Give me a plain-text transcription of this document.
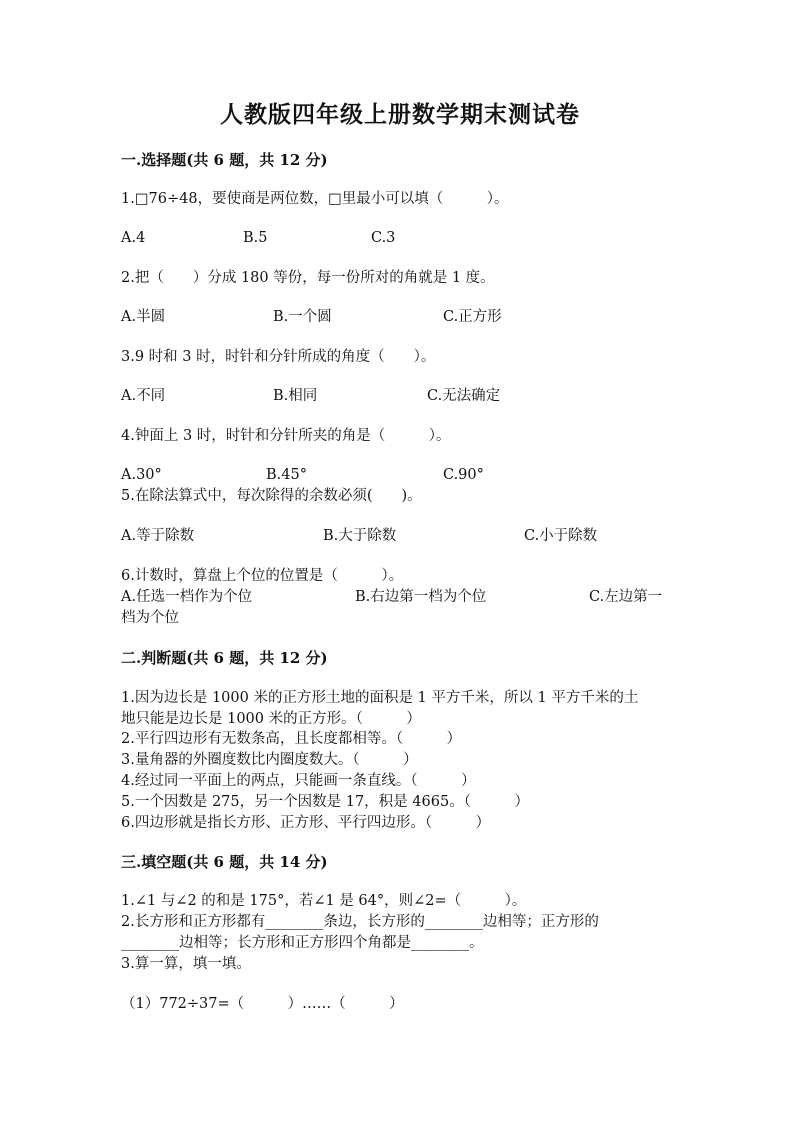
人教版四年级上册数学期末测试卷
一.选择题(共 6 题，共 12 分)
1.□76÷48，要使商是两位数，□里最小可以填（　　　）。
A.4	B.5	C.3
2.把（　　）分成 180 等份，每一份所对的角就是 1 度。
A.半圆	B.一个圆	C.正方形
3.9 时和 3 时，时针和分针所成的角度（　　）。
A.不同	B.相同	C.无法确定
4.钟面上 3 时，时针和分针所夹的角是（　　　）。
A.30°	B.45°	C.90°
5.在除法算式中，每次除得的余数必须(　　)。
A.等于除数	B.大于除数	C.小于除数
6.计数时，算盘上个位的位置是（　　　）。
A.任选一档作为个位	B.右边第一档为个位	C.左边第一
档为个位
二.判断题(共 6 题，共 12 分)
1.因为边长是 1000 米的正方形土地的面积是 1 平方千米，所以 1 平方千米的土
地只能是边长是 1000 米的正方形。（　　　）
2.平行四边形有无数条高，且长度都相等。（　　　）
3.量角器的外圈度数比内圈度数大。（　　　）
4.经过同一平面上的两点，只能画一条直线。（　　　）
5.一个因数是 275，另一个因数是 17，积是 4665。（　　　）
6.四边形就是指长方形、正方形、平行四边形。（　　　）
三.填空题(共 6 题，共 14 分)
1.∠1 与∠2 的和是 175°，若∠1 是 64°，则∠2=（　　　）。
2.长方形和正方形都有________条边，长方形的________边相等；正方形的
________边相等；长方形和正方形四个角都是________。
3.算一算，填一填。
（1）772÷37=（　　　）……（　　　）
